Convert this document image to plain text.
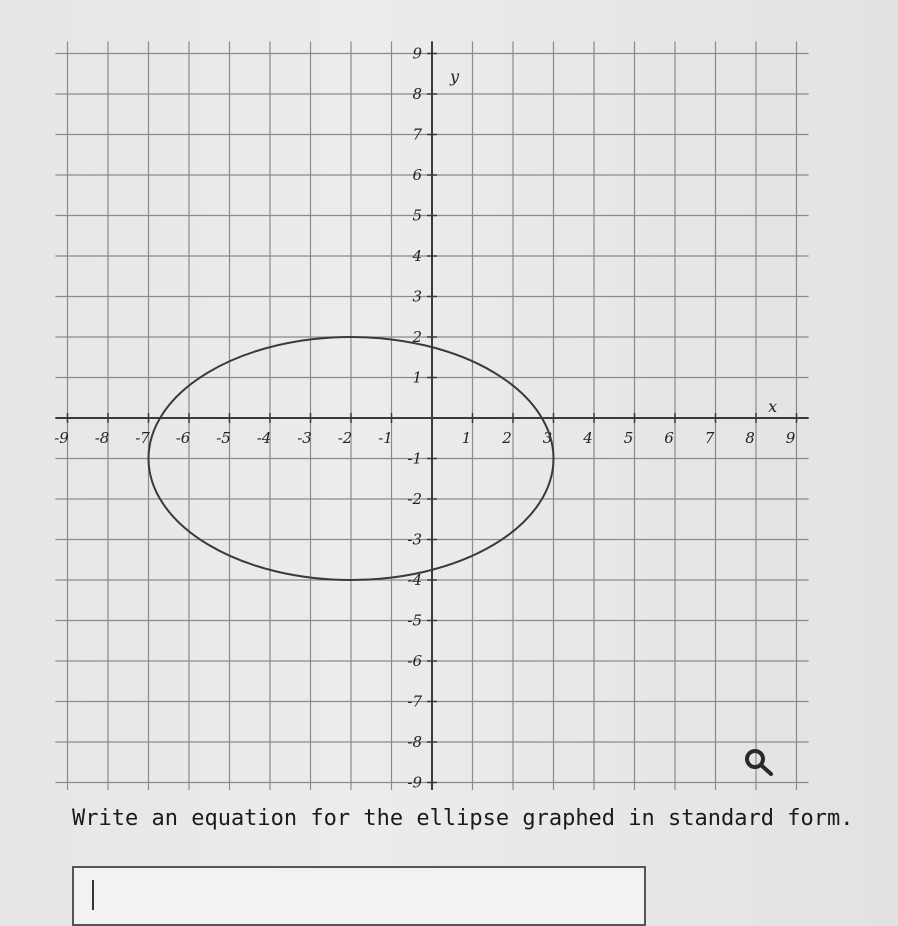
-9 -8 -7 -6 -5 -4 -3 -2 -1	1 2 3 4 5 6 7 8 9
9
8
7
6
5
4
3
2
1
-1
-2
-3
-4
-5
-6
-7
-8
-9
x
y
Write an equation for the ellipse graphed in standard form.
